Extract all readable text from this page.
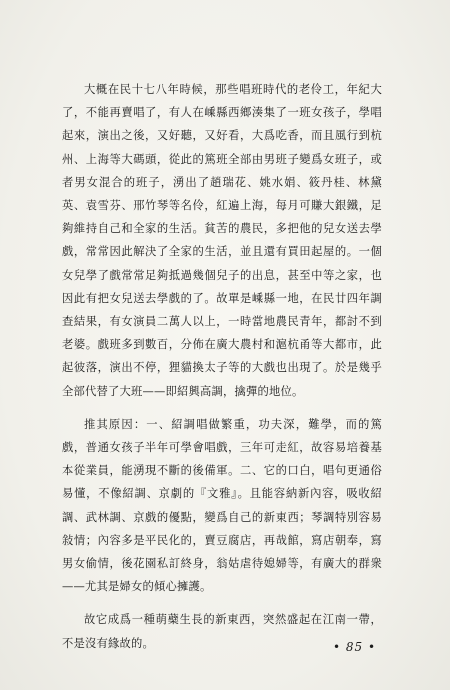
大概在民十七八年時候，那些唱班時代的老伶工，年紀大了，不能再賣唱了，有人在嵊縣西鄉湊集了一班女孩子，學唱起來，演出之後，又好聽，又好看，大爲吃香，而且風行到杭州、上海等大碼頭，從此的篤班全部由男班子變爲女班子，或者男女混合的班子，湧出了趙瑞花、姚水娟、筱丹桂、林黛英、袁雪芬、邢竹琴等名伶，紅遍上海，每月可賺大銀鐵，足夠維持自己和全家的生活。貧苦的農民，多把他的兒女送去學戲，常常因此解決了全家的生活，並且還有買田起屋的。一個女兒學了戲常常足夠抵過幾個兒子的出息，甚至中等之家，也因此有把女兒送去學戲的了。故單是嵊縣一地，在民廿四年調查結果，有女演員二萬人以上，一時當地農民青年，都討不到老婆。戲班多到數百，分佈在廣大農村和滬杭甬等大都市，此起彼落，演出不停，狸貓換太子等的大戲也出現了。於是幾乎全部代替了大班——即紹興高調，擒彈的地位。

推其原因：一、紹調唱做繁重，功夫深，難學，而的篤戲，普通女孩子半年可學會唱戲，三年可走紅，故容易培養基本從業員，能湧現不斷的後備軍。二、它的口白，唱句更通俗易懂，不像紹調、京劇的『文雅』。且能容納新內容，吸收紹調、武林調、京戲的優點，變爲自己的新東西；琴調特別容易敍情；內容多是平民化的，賣豆腐店，再哉館，寫店朝奉，寫男女偷情，後花園私訂終身，翁姑虐待媳婦等，有廣大的群衆——尤其是婦女的傾心擁護。

故它成爲一種萌蘗生長的新東西，突然盛起在江南一帶，不是沒有緣故的。	• 85 •
